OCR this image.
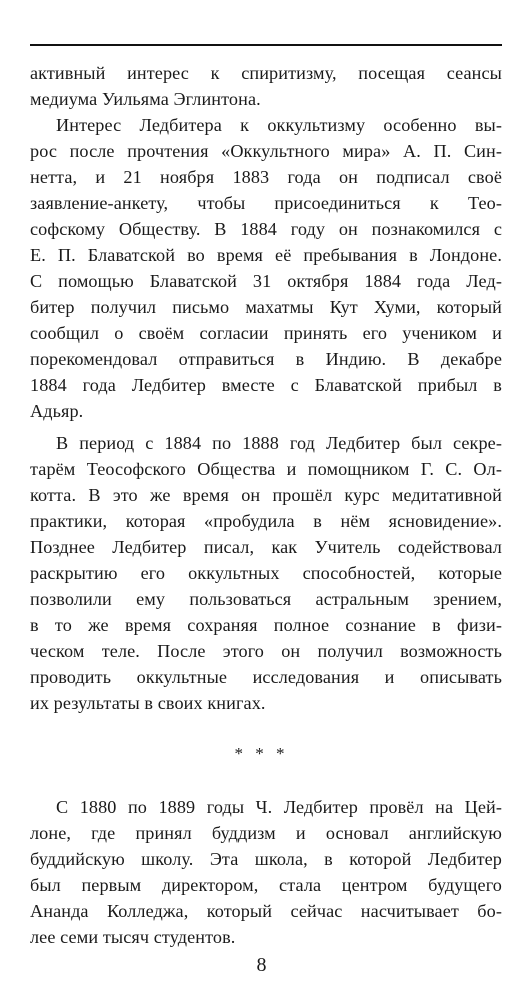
активный интерес к спиритизму, посещая сеансы
медиума Уильяма Эглинтона.
Интерес Ледбитера к оккультизму особенно вы-
рос после прочтения «Оккультного мира» А. П. Син-
нетта, и 21 ноября 1883 года он подписал своё
заявление-анкету, чтобы присоединиться к Тео-
софскому Обществу. В 1884 году он познакомился с
Е. П. Блаватской во время её пребывания в Лондоне.
С помощью Блаватской 31 октября 1884 года Лед-
битер получил письмо махатмы Кут Хуми, который
сообщил о своём согласии принять его учеником и
порекомендовал отправиться в Индию. В декабре
1884 года Ледбитер вместе с Блаватской прибыл в
Адьяр.
В период с 1884 по 1888 год Ледбитер был секре-
тарём Теософского Общества и помощником Г. С. Ол-
котта. В это же время он прошёл курс медитативной
практики, которая «пробудила в нём ясновидение».
Позднее Ледбитер писал, как Учитель содействовал
раскрытию его оккультных способностей, которые
позволили ему пользоваться астральным зрением,
в то же время сохраняя полное сознание в физи-
ческом теле. После этого он получил возможность
проводить оккультные исследования и описывать
их результаты в своих книгах.
* * *
С 1880 по 1889 годы Ч. Ледбитер провёл на Цей-
лоне, где принял буддизм и основал английскую
буддийскую школу. Эта школа, в которой Ледбитер
был первым директором, стала центром будущего
Ананда Колледжа, который сейчас насчитывает бо-
лее семи тысяч студентов.
8
